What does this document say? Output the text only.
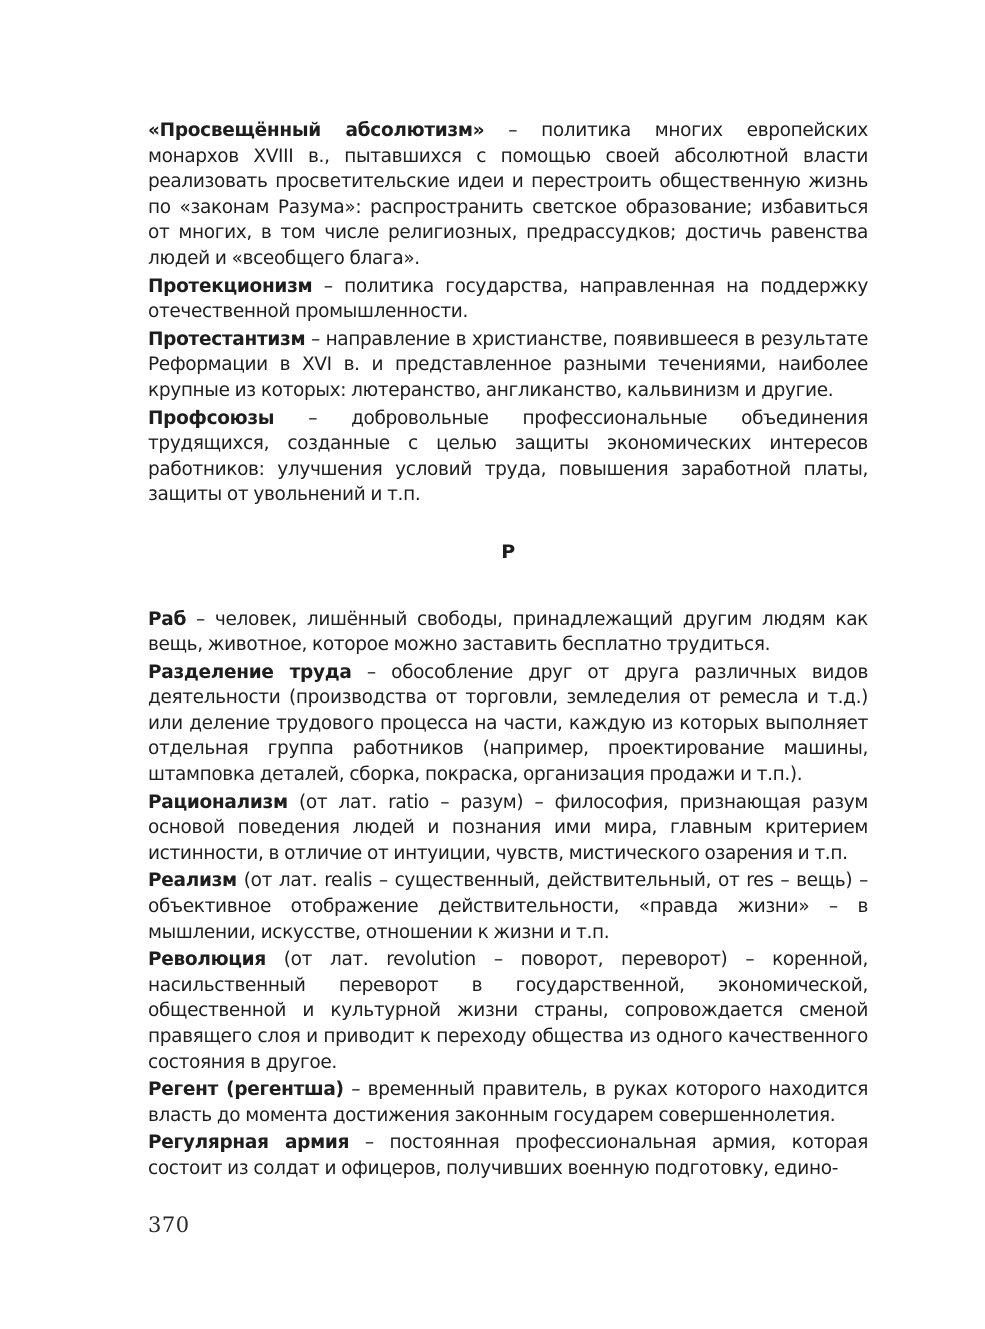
«Просвещённый абсолютизм» – политика многих европейских монархов XVIII в., пытавшихся с помощью своей абсолютной власти реализовать просветительские идеи и перестроить общественную жизнь по «законам Разума»: распространить светское образование; избавиться от многих, в том числе религиозных, предрассудков; достичь равенства людей и «всеобщего блага».

Протекционизм – политика государства, направленная на поддержку отечественной промышленности.

Протестантизм – направление в христианстве, появившееся в результате Реформации в XVI в. и представленное разными течениями, наиболее крупные из которых: лютеранство, англиканство, кальвинизм и другие.

Профсоюзы – добровольные профессиональные объединения трудящихся, созданные с целью защиты экономических интересов работников: улучшения условий труда, повышения заработной платы, защиты от увольнений и т.п.

Р

Раб – человек, лишённый свободы, принадлежащий другим людям как вещь, животное, которое можно заставить бесплатно трудиться.

Разделение труда – обособление друг от друга различных видов деятельности (производства от торговли, земледелия от ремесла и т.д.) или деление трудового процесса на части, каждую из которых выполняет отдельная группа работников (например, проектирование машины, штамповка деталей, сборка, покраска, организация продажи и т.п.).

Рационализм (от лат. ratio – разум) – философия, признающая разум основой поведения людей и познания ими мира, главным критерием истинности, в отличие от интуиции, чувств, мистического озарения и т.п.

Реализм (от лат. realis – существенный, действительный, от res – вещь) – объективное отображение действительности, «правда жизни» – в мышлении, искусстве, отношении к жизни и т.п.

Революция (от лат. revolution – поворот, переворот) – коренной, насильственный переворот в государственной, экономической, общественной и культурной жизни страны, сопровождается сменой правящего слоя и приводит к переходу общества из одного качественного состояния в другое.

Регент (регентша) – временный правитель, в руках которого находится власть до момента достижения законным государем совершеннолетия.

Регулярная армия – постоянная профессиональная армия, которая состоит из солдат и офицеров, получивших военную подготовку, едино-

370
